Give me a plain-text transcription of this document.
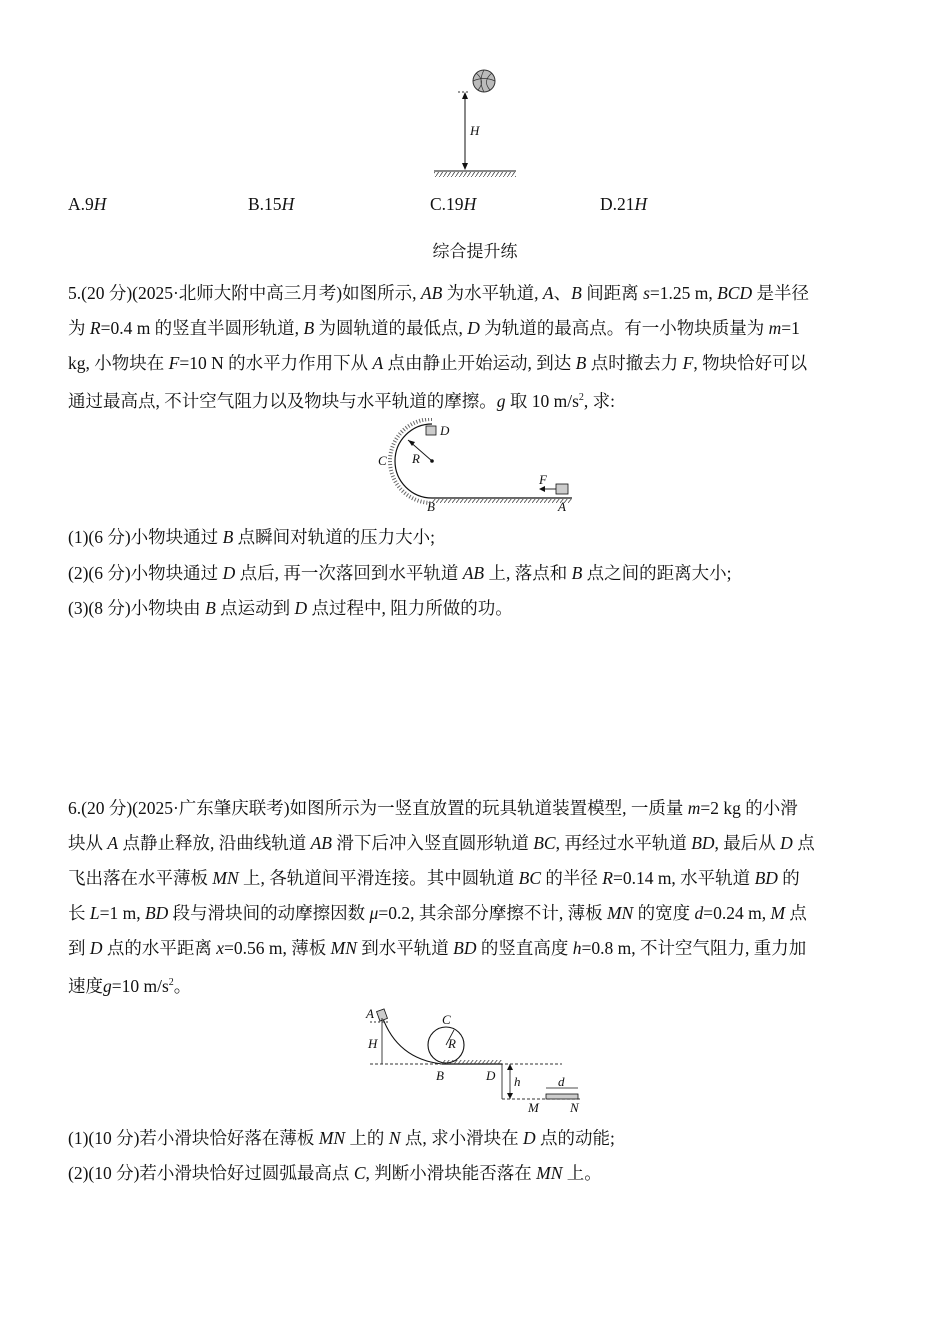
H
A.9H	B.15H	C.19H	D.21H
综合提升练
5.(20 分)(2025·北师大附中高三月考)如图所示, AB 为水平轨道, A、B 间距离 s=1.25 m, BCD 是半径
为 R=0.4 m 的竖直半圆形轨道, B 为圆轨道的最低点, D 为轨道的最高点。有一小物块质量为 m=1
kg, 小物块在 F=10 N 的水平力作用下从 A 点由静止开始运动, 到达 B 点时撤去力 F, 物块恰好可以
通过最高点, 不计空气阻力以及物块与水平轨道的摩擦。g 取 10 $m/s^2$, 求:
C
D
R
F
B	A
(1)(6 分)小物块通过 B 点瞬间对轨道的压力大小;
(2)(6 分)小物块通过 D 点后, 再一次落回到水平轨道 AB 上, 落点和 B 点之间的距离大小;
(3)(8 分)小物块由 B 点运动到 D 点过程中, 阻力所做的功。
6.(20 分)(2025·广东肇庆联考)如图所示为一竖直放置的玩具轨道装置模型, 一质量 m=2 kg 的小滑
块从 A 点静止释放, 沿曲线轨道 AB 滑下后冲入竖直圆形轨道 BC, 再经过水平轨道 BD, 最后从 D 点
飞出落在水平薄板 MN 上, 各轨道间平滑连接。其中圆轨道 BC 的半径 R=0.14 m, 水平轨道 BD 的
长 L=1 m, BD 段与滑块间的动摩擦因数 μ=0.2, 其余部分摩擦不计, 薄板 MN 的宽度 d=0.24 m, M 点
到 D 点的水平距离 x=0.56 m, 薄板 MN 到水平轨道 BD 的竖直高度 h=0.8 m, 不计空气阻力, 重力加
速度g=10 $m/s^2$。
A
H
C
R
B	D h	d
M N
(1)(10 分)若小滑块恰好落在薄板 MN 上的 N 点, 求小滑块在 D 点的动能;
(2)(10 分)若小滑块恰好过圆弧最高点 C, 判断小滑块能否落在 MN 上。
